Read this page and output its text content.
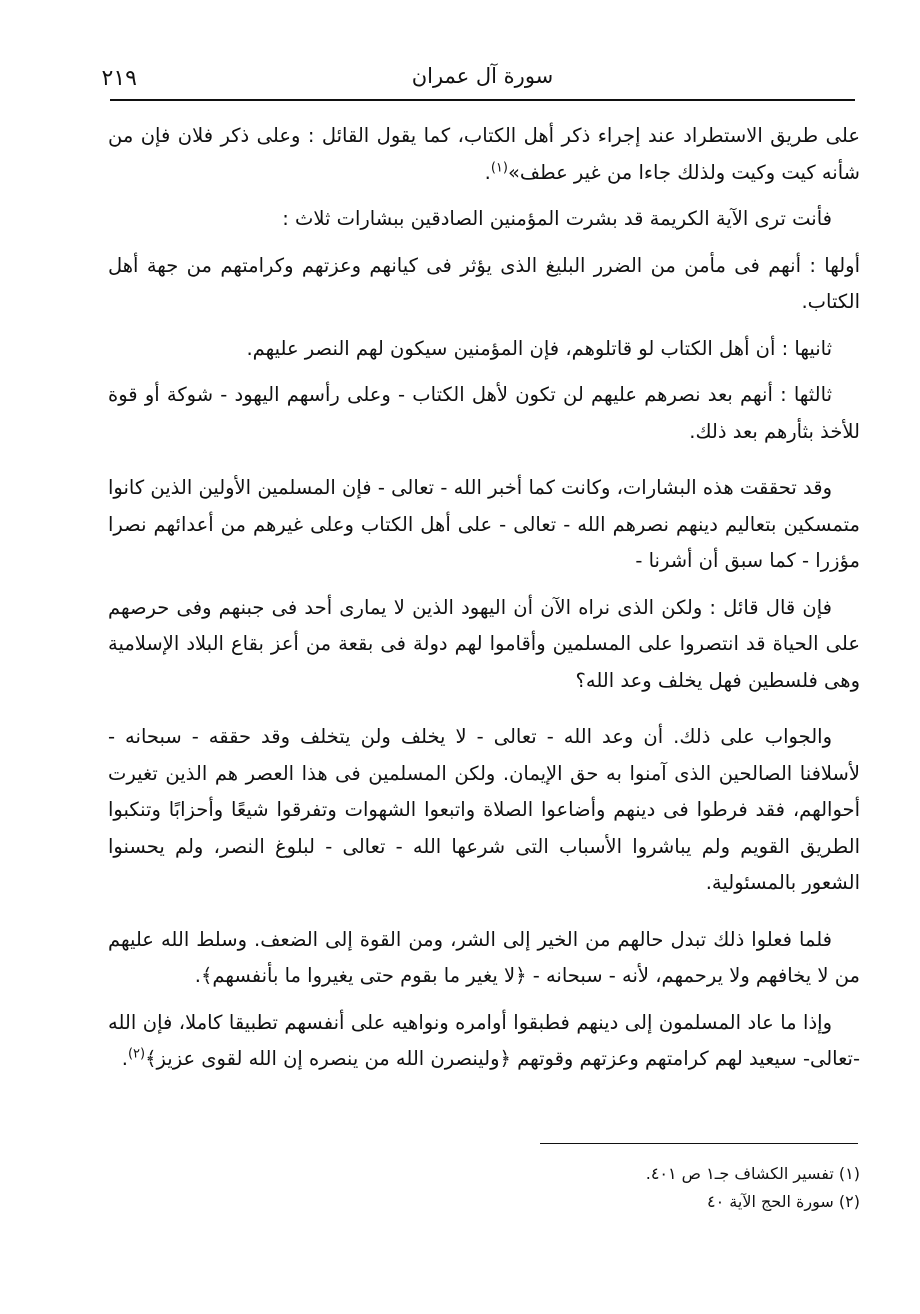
سورة آل عمران
٢١٩

على طريق الاستطراد عند إجراء ذكر أهل الكتاب، كما يقول القائل : وعلى ذكر فلان فإن من شأنه كيت وكيت ولذلك جاءا من غير عطف»$^{(١)}$.

فأنت ترى الآية الكريمة قد بشرت المؤمنين الصادقين ببشارات ثلاث :

أولها : أنهم فى مأمن من الضرر البليغ الذى يؤثر فى كيانهم وعزتهم وكرامتهم من جهة أهل الكتاب.

ثانيها : أن أهل الكتاب لو قاتلوهم، فإن المؤمنين سيكون لهم النصر عليهم.

ثالثها : أنهم بعد نصرهم عليهم لن تكون لأهل الكتاب - وعلى رأسهم اليهود - شوكة أو قوة للأخذ بثأرهم بعد ذلك.

وقد تحققت هذه البشارات، وكانت كما أخبر الله - تعالى - فإن المسلمين الأولين الذين كانوا متمسكين بتعاليم دينهم نصرهم الله - تعالى - على أهل الكتاب وعلى غيرهم من أعدائهم نصرا مؤزرا - كما سبق أن أشرنا -

فإن قال قائل : ولكن الذى نراه الآن أن اليهود الذين لا يمارى أحد فى جبنهم وفى حرصهم على الحياة قد انتصروا على المسلمين وأقاموا لهم دولة فى بقعة من أعز بقاع البلاد الإسلامية وهى فلسطين فهل يخلف وعد الله؟

والجواب على ذلك. أن وعد الله - تعالى - لا يخلف ولن يتخلف وقد حققه - سبحانه - لأسلافنا الصالحين الذى آمنوا به حق الإيمان. ولكن المسلمين فى هذا العصر هم الذين تغيرت أحوالهم، فقد فرطوا فى دينهم وأضاعوا الصلاة واتبعوا الشهوات وتفرقوا شيعًا وأحزابًا وتنكبوا الطريق القويم ولم يباشروا الأسباب التى شرعها الله - تعالى - لبلوغ النصر، ولم يحسنوا الشعور بالمسئولية.

فلما فعلوا ذلك تبدل حالهم من الخير إلى الشر، ومن القوة إلى الضعف. وسلط الله عليهم من لا يخافهم ولا يرحمهم، لأنه - سبحانه - ﴿لا يغير ما بقوم حتى يغيروا ما بأنفسهم﴾.

وإذا ما عاد المسلمون إلى دينهم فطبقوا أوامره ونواهيه على أنفسهم تطبيقا كاملا، فإن الله -تعالى- سيعيد لهم كرامتهم وعزتهم وقوتهم ﴿ولينصرن الله من ينصره إن الله لقوى عزيز﴾$^{(٢)}$.

(١) تفسير الكشاف جـ١ ص ٤٠١.

(٢) سورة الحج الآية ٤٠
